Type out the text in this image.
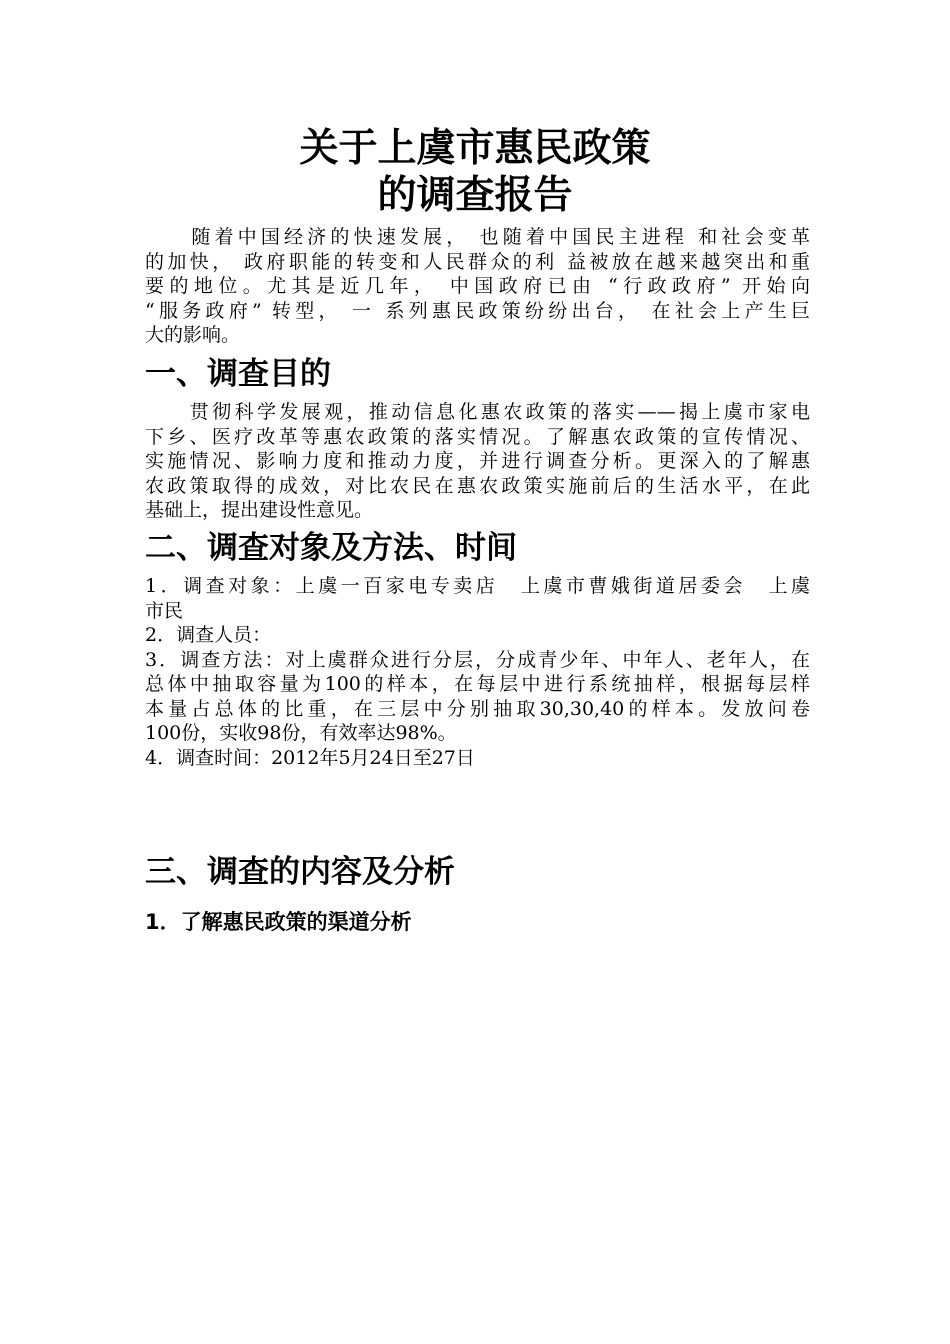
关于上虞市惠民政策
的调查报告
　　随着中国经济的快速发展， 也随着中国民主进程 和社会变革
的加快， 政府职能的转变和人民群众的利 益被放在越来越突出和重
要的地位。尤其是近几年， 中国政府已由 “行政政府” 开始向
“服务政府” 转型， 一 系列惠民政策纷纷出台， 在社会上产生巨
大的影响。
一、调查目的
　　贯彻科学发展观，推动信息化惠农政策的落实——揭上虞市家电
下乡、医疗改革等惠农政策的落实情况。了解惠农政策的宣传情况、
实施情况、影响力度和推动力度，并进行调查分析。更深入的了解惠
农政策取得的成效，对比农民在惠农政策实施前后的生活水平，在此
基础上，提出建设性意见。
二、调查对象及方法、时间
1．调查对象：上虞一百家电专卖店　上虞市曹娥街道居委会　上虞
市民
2．调查人员：
3．调查方法：对上虞群众进行分层，分成青少年、中年人、老年人，在
总体中抽取容量为100的样本，在每层中进行系统抽样，根据每层样
本量占总体的比重，在三层中分别抽取30,30,40的样本。发放问卷
100份，实收98份，有效率达98%。
4．调查时间：2012年5月24日至27日
三、调查的内容及分析
1．了解惠民政策的渠道分析
